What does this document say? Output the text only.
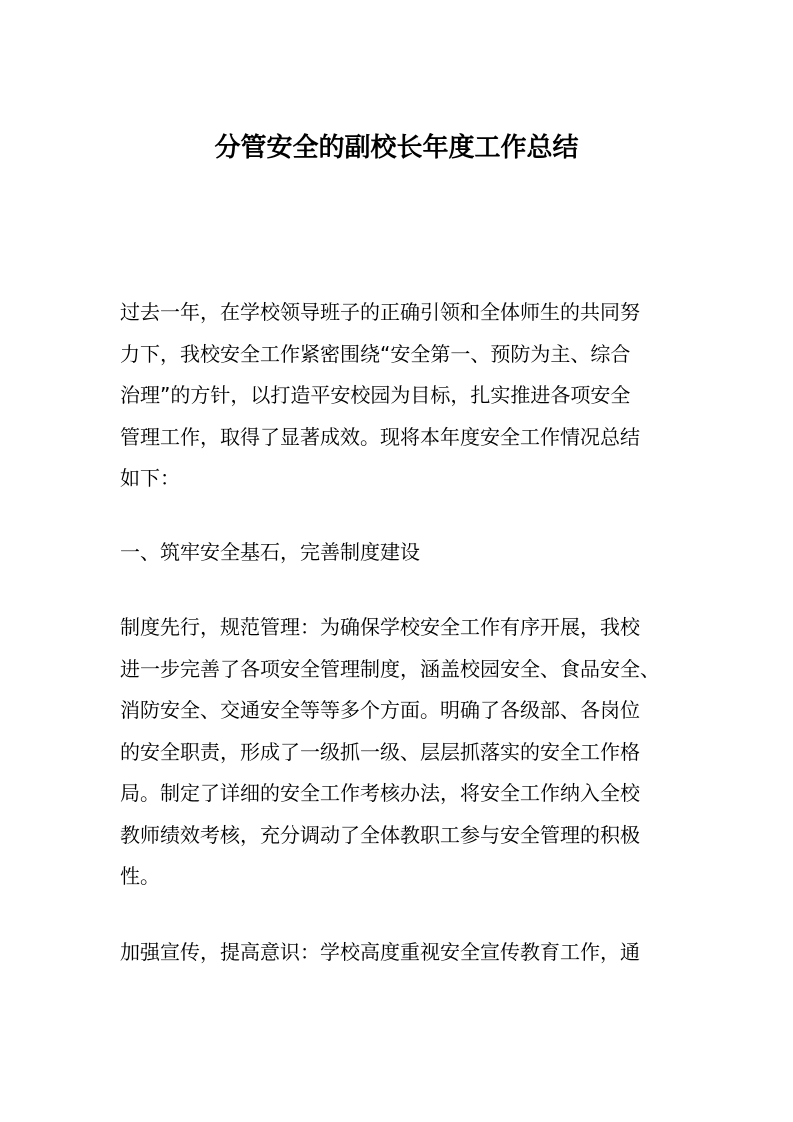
分管安全的副校长年度工作总结
过去一年，在学校领导班子的正确引领和全体师生的共同努
力下，我校安全工作紧密围绕“安全第一、预防为主、综合
治理”的方针，以打造平安校园为目标，扎实推进各项安全
管理工作，取得了显著成效。现将本年度安全工作情况总结
如下：
一、筑牢安全基石，完善制度建设
制度先行，规范管理：为确保学校安全工作有序开展，我校
进一步完善了各项安全管理制度，涵盖校园安全、食品安全、
消防安全、交通安全等等多个方面。明确了各级部、各岗位
的安全职责，形成了一级抓一级、层层抓落实的安全工作格
局。制定了详细的安全工作考核办法，将安全工作纳入全校
教师绩效考核，充分调动了全体教职工参与安全管理的积极
性。
加强宣传，提高意识：学校高度重视安全宣传教育工作，通
